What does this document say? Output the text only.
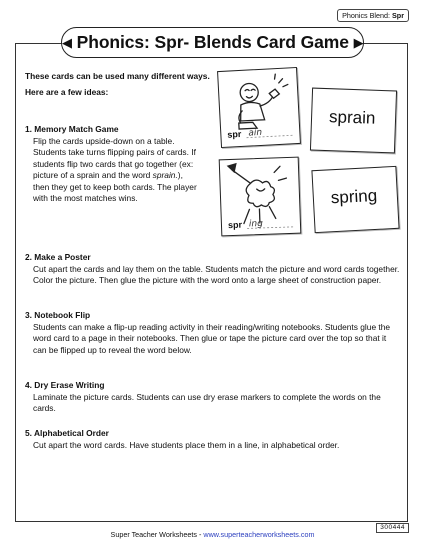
Phonics Blend: Spr
◀ Phonics: Spr- Blends Card Game ▶

These cards can be used many different ways.

Here are a few ideas:

1. Memory Match Game
Flip the cards upside-down on a table. Students take turns flipping pairs of cards. If students flip two cards that go together (ex: picture of a sprain and the word sprain.), then they get to keep both cards. The player with the most matches wins.
2. Make a Poster
Cut apart the cards and lay them on the table. Students match the picture and word cards together. Color the picture. Then glue the picture with the word onto a large sheet of construction paper.
3. Notebook Flip
Students can make a flip-up reading activity in their reading/writing notebooks. Students glue the word card to a page in their notebooks. Then glue or tape the picture card over the top so that it can be flipped up to reveal the word below.
4. Dry Erase Writing
Laminate the picture cards. Students can use dry erase markers to complete the words on the cards.
5. Alphabetical Order
Cut apart the word cards. Have students place them in a line, in alphabetical order.
spr ain
sprain
spr ing
spring
Super Teacher Worksheets - www.superteacherworksheets.com
300444
